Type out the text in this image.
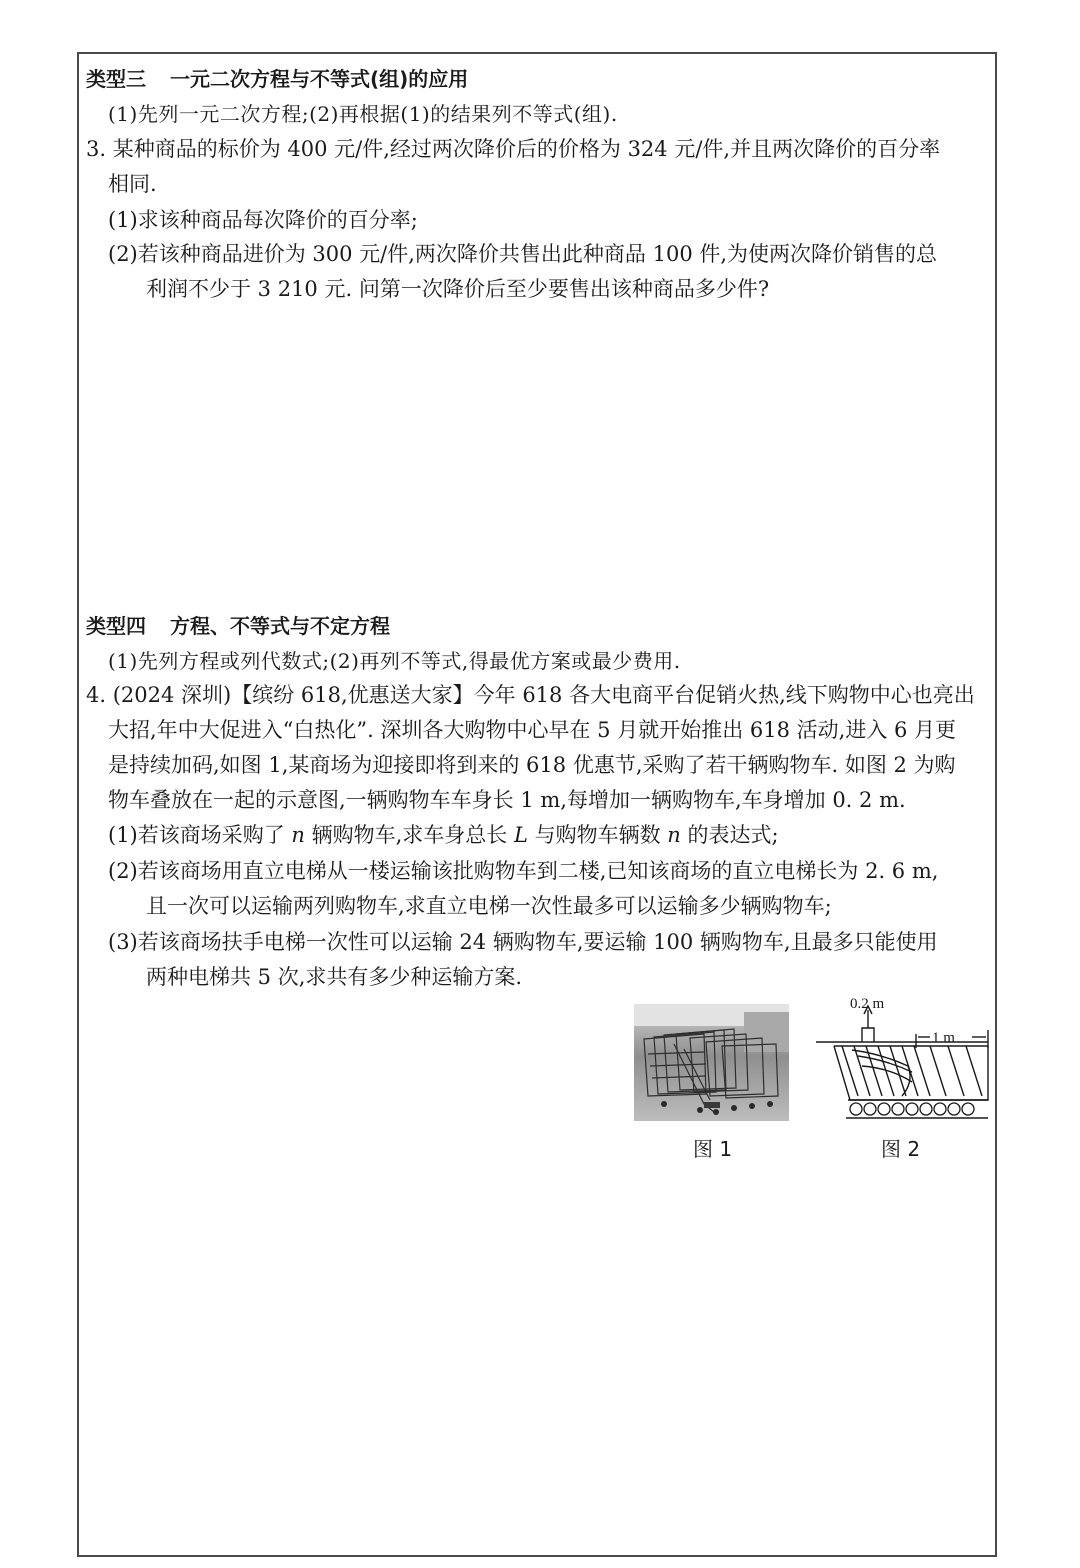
类型三 一元二次方程与不等式(组)的应用
(1)先列一元二次方程;(2)再根据(1)的结果列不等式(组).
3. 某种商品的标价为 400 元/件,经过两次降价后的价格为 324 元/件,并且两次降价的百分率
相同.
(1)求该种商品每次降价的百分率;
(2)若该种商品进价为 300 元/件,两次降价共售出此种商品 100 件,为使两次降价销售的总
利润不少于 3 210 元. 问第一次降价后至少要售出该种商品多少件?
类型四 方程、不等式与不定方程
(1)先列方程或列代数式;(2)再列不等式,得最优方案或最少费用.
4. (2024 深圳)【缤纷 618,优惠送大家】今年 618 各大电商平台促销火热,线下购物中心也亮出
大招,年中大促进入“白热化”. 深圳各大购物中心早在 5 月就开始推出 618 活动,进入 6 月更
是持续加码,如图 1,某商场为迎接即将到来的 618 优惠节,采购了若干辆购物车. 如图 2 为购
物车叠放在一起的示意图,一辆购物车车身长 1 m,每增加一辆购物车,车身增加 0. 2 m.
(1)若该商场采购了 n 辆购物车,求车身总长 L 与购物车辆数 n 的表达式;
(2)若该商场用直立电梯从一楼运输该批购物车到二楼,已知该商场的直立电梯长为 2. 6 m,
且一次可以运输两列购物车,求直立电梯一次性最多可以运输多少辆购物车;
(3)若该商场扶手电梯一次性可以运输 24 辆购物车,要运输 100 辆购物车,且最多只能使用
两种电梯共 5 次,求共有多少种运输方案.
0.2 m
1 m
图 1	图 2
